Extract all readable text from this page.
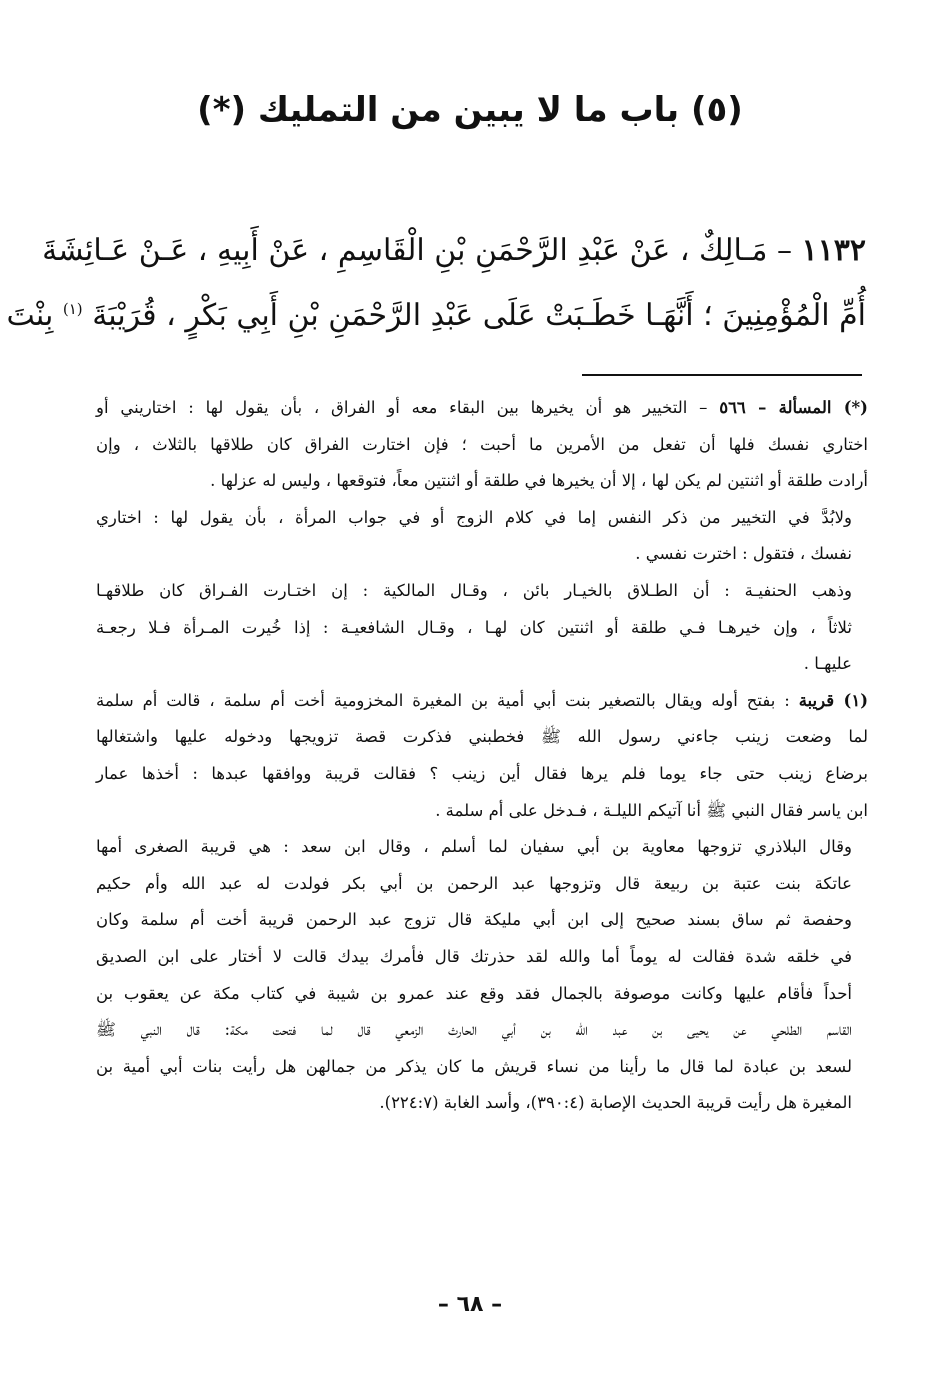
(٥) باب ما لا يبين من التمليك (*)
١١٣٢ – مَـالِكٌ ، عَنْ عَبْدِ الرَّحْمَنِ بْنِ الْقَاسِمِ ، عَنْ أَبِيهِ ، عَـنْ عَـائِشَةَ
أُمِّ الْمُؤْمِنِينَ ؛ أَنَّهَـا خَطَـبَتْ عَلَى عَبْدِ الرَّحْمَنِ بْنِ أَبِي بَكْرٍ ، قُرَيْبَةَ $^{(١)}$ بِنْتَ
(*) المسألة – ٥٦٦ – التخيير هو أن يخيرها بين البقاء معه أو الفراق ، بأن يقول لها : اختاريني أو
اختاري نفسك فلها أن تفعل من الأمرين ما أحبت ؛ فإن اختارت الفراق كان طلاقها بالثلاث ، وإن
أرادت طلقة أو اثنتين لم يكن لها ، إلا أن يخيرها في طلقة أو اثنتين معاً، فتوقعها ، وليس له عزلها .
ولابُدَّ في التخيير من ذكر النفس إما في كلام الزوج أو في جواب المرأة ، بأن يقول لها : اختاري
نفسك ، فتقول : اخترت نفسي .
وذهب الحنفيـة : أن الطـلاق بالخيـار بائن ، وقـال المالكية : إن اختـارت الفـراق كان طلاقهـا
ثلاثاً ، وإن خيرهـا فـي طلقة أو اثنتين كان لهـا ، وقـال الشافعيـة : إذا خُيرت المـرأة فـلا رجعـة
عليهـا .
(١) قريبة : بفتح أوله ويقال بالتصغير بنت أبي أمية بن المغيرة المخزومية أخت أم سلمة ، قالت أم سلمة
لما وضعت زينب جاءني رسول الله ﷺ فخطبني فذكرت قصة تزويجها ودخوله عليها واشتغالها
برضاع زينب حتى جاء يوما فلم يرها فقال أين زينب ؟ فقالت قريبة ووافقها عبدها : أخذها عمار
ابن ياسر فقال النبي ﷺ أنا آتيكم الليلـة ، فـدخل على أم سلمة .
وقال البلاذري تزوجها معاوية بن أبي سفيان لما أسلم ، وقال ابن سعد : هي قريبة الصغرى أمها
عاتكة بنت عتبة بن ربيعة قال وتزوجها عبد الرحمن بن أبي بكر فولدت له عبد الله وأم حكيم
وحفصة ثم ساق بسند صحيح إلى ابن أبي مليكة قال تزوج عبد الرحمن قريبة أخت أم سلمة وكان
في خلقه شدة فقالت له يوماً أما والله لقد حذرتك قال فأمرك بيدك قالت لا أختار على ابن الصديق
أحداً فأقام عليها وكانت موصوفة بالجمال فقد وقع عند عمرو بن شيبة في كتاب مكة عن يعقوب بن
القاسم الطلحي عن يحيى بن عبد الله بن أبي الحارث الزمعي قال لما فتحت مكة: قال النبي ﷺ
لسعد بن عبادة لما قال ما رأينا من نساء قريش ما كان يذكر من جمالهن هل رأيت بنات أبي أمية بن
المغيرة هل رأيت قريبة الحديث الإصابة (٣٩٠:٤)، وأسد الغابة (٢٢٤:٧).
– ٦٨ –
